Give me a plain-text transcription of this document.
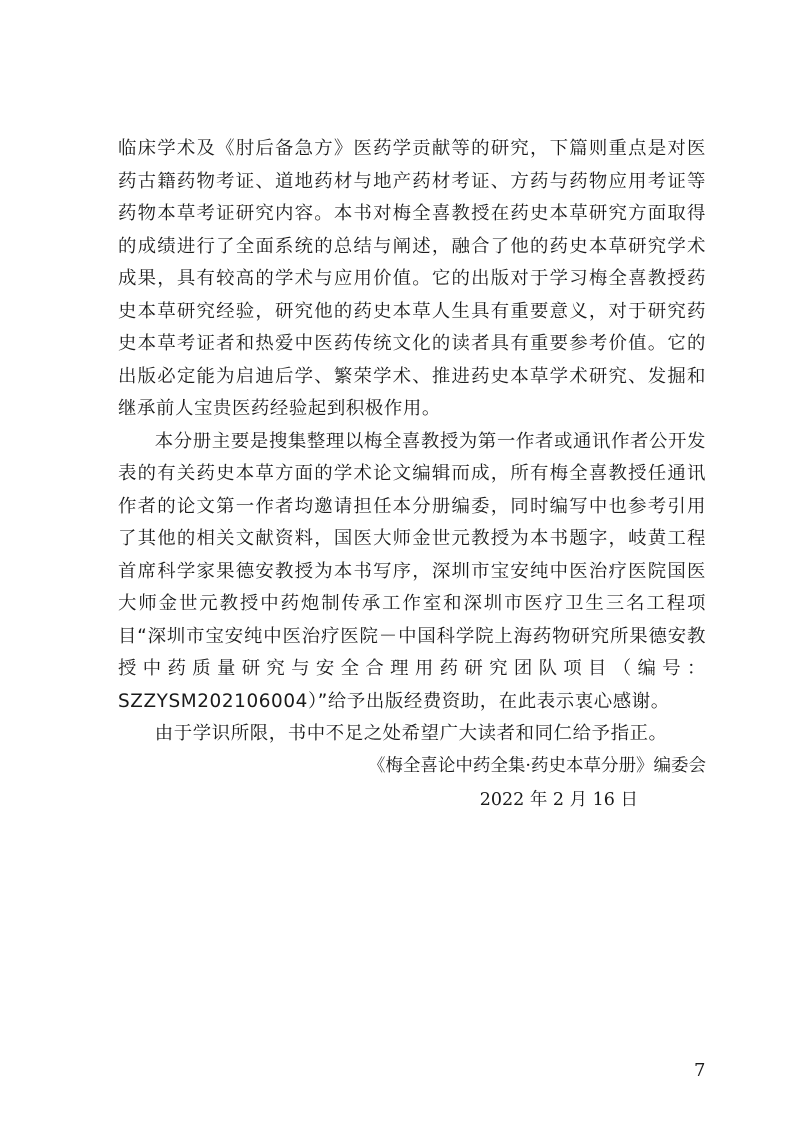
临床学术及《肘后备急方》医药学贡献等的研究，下篇则重点是对医药古籍药物考证、道地药材与地产药材考证、方药与药物应用考证等药物本草考证研究内容。本书对梅全喜教授在药史本草研究方面取得的成绩进行了全面系统的总结与阐述，融合了他的药史本草研究学术成果，具有较高的学术与应用价值。它的出版对于学习梅全喜教授药史本草研究经验，研究他的药史本草人生具有重要意义，对于研究药史本草考证者和热爱中医药传统文化的读者具有重要参考价值。它的出版必定能为启迪后学、繁荣学术、推进药史本草学术研究、发掘和继承前人宝贵医药经验起到积极作用。

本分册主要是搜集整理以梅全喜教授为第一作者或通讯作者公开发表的有关药史本草方面的学术论文编辑而成，所有梅全喜教授任通讯作者的论文第一作者均邀请担任本分册编委，同时编写中也参考引用了其他的相关文献资料，国医大师金世元教授为本书题字，岐黄工程首席科学家果德安教授为本书写序，深圳市宝安纯中医治疗医院国医大师金世元教授中药炮制传承工作室和深圳市医疗卫生三名工程项目“深圳市宝安纯中医治疗医院－中国科学院上海药物研究所果德安教授中药质量研究与安全合理用药研究团队项目（编号：SZZYSM202106004）”给予出版经费资助，在此表示衷心感谢。

由于学识所限，书中不足之处希望广大读者和同仁给予指正。

《梅全喜论中药全集·药史本草分册》编委会
2022 年 2 月 16 日
7
